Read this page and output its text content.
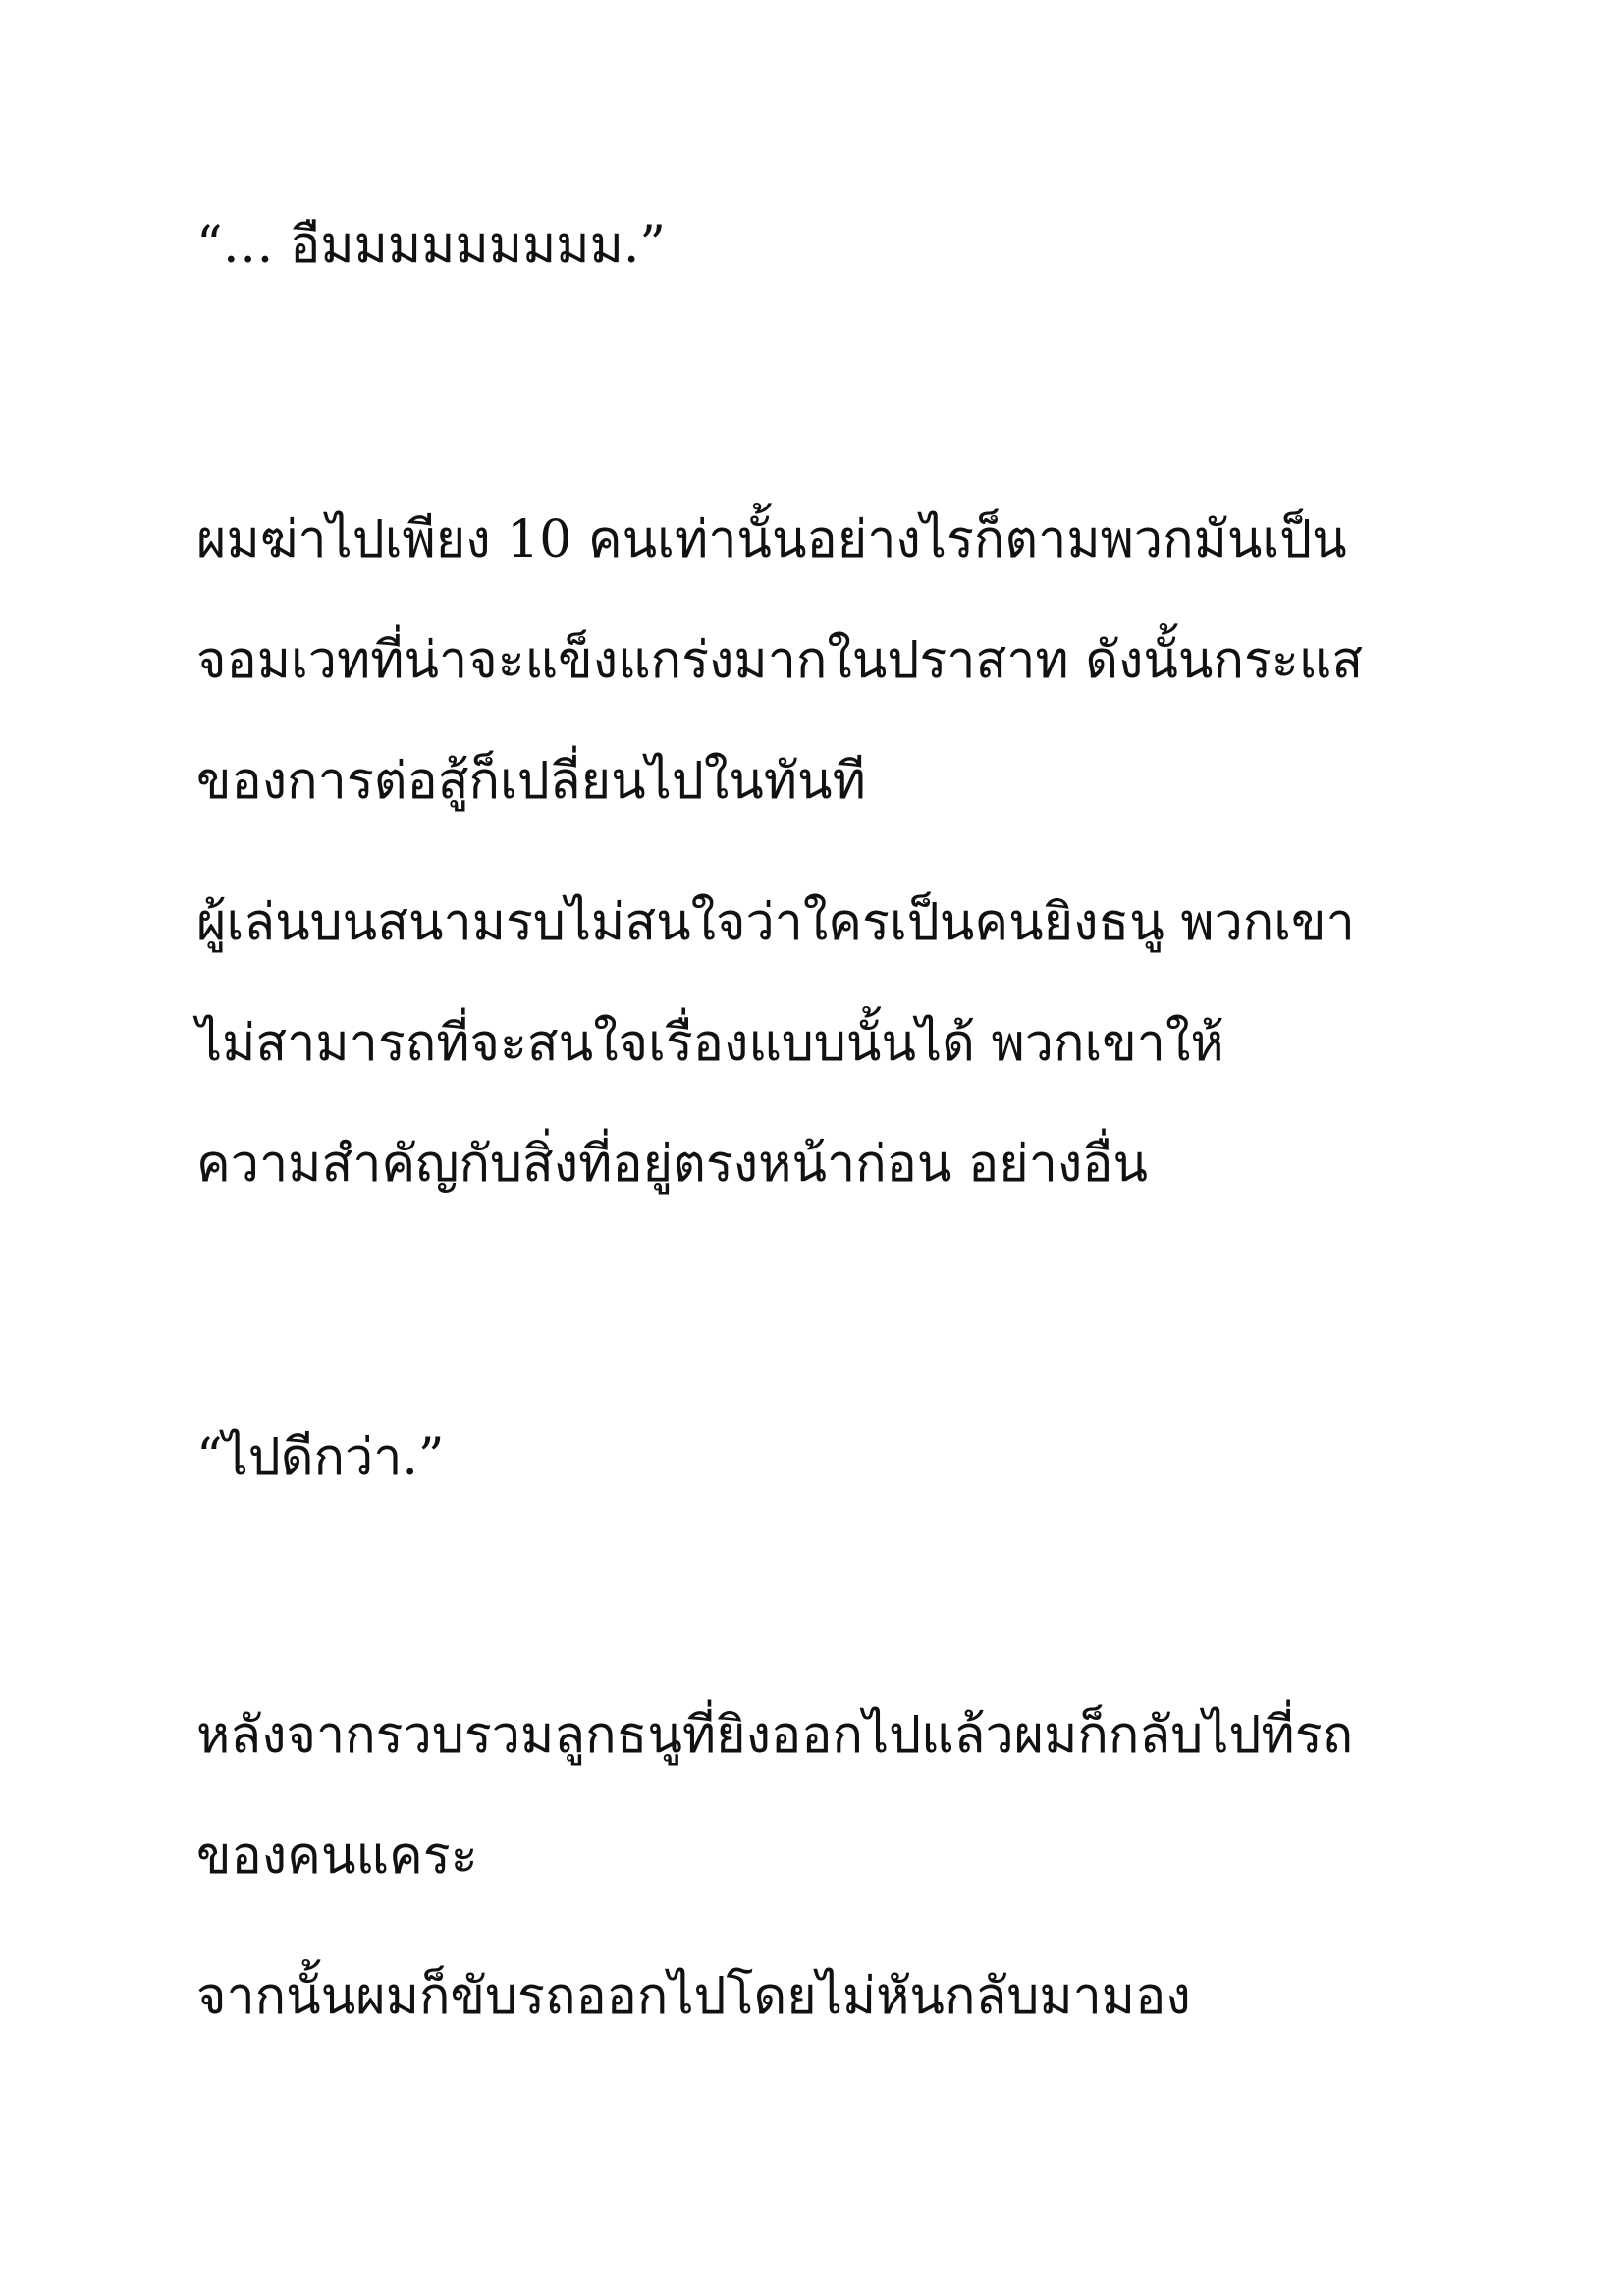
“… อืมมมมมมมมม.”
ผมฆ่าไปเพียง 10 คนเท่านั้นอย่างไรก็ตามพวกมันเป็น
จอมเวทที่น่าจะแข็งแกร่งมากในปราสาท ดังนั้นกระแส
ของการต่อสู้ก็เปลี่ยนไปในทันที
ผู้เล่นบนสนามรบไม่สนใจว่าใครเป็นคนยิงธนู พวกเขา
ไม่สามารถที่จะสนใจเรื่องแบบนั้นได้ พวกเขาให้
ความสำคัญกับสิ่งที่อยู่ตรงหน้าก่อน อย่างอื่น
“ไปดีกว่า.”
หลังจากรวบรวมลูกธนูที่ยิงออกไปแล้วผมก็กลับไปที่รถ
ของคนแคระ
จากนั้นผมก็ขับรถออกไปโดยไม่หันกลับมามอง
